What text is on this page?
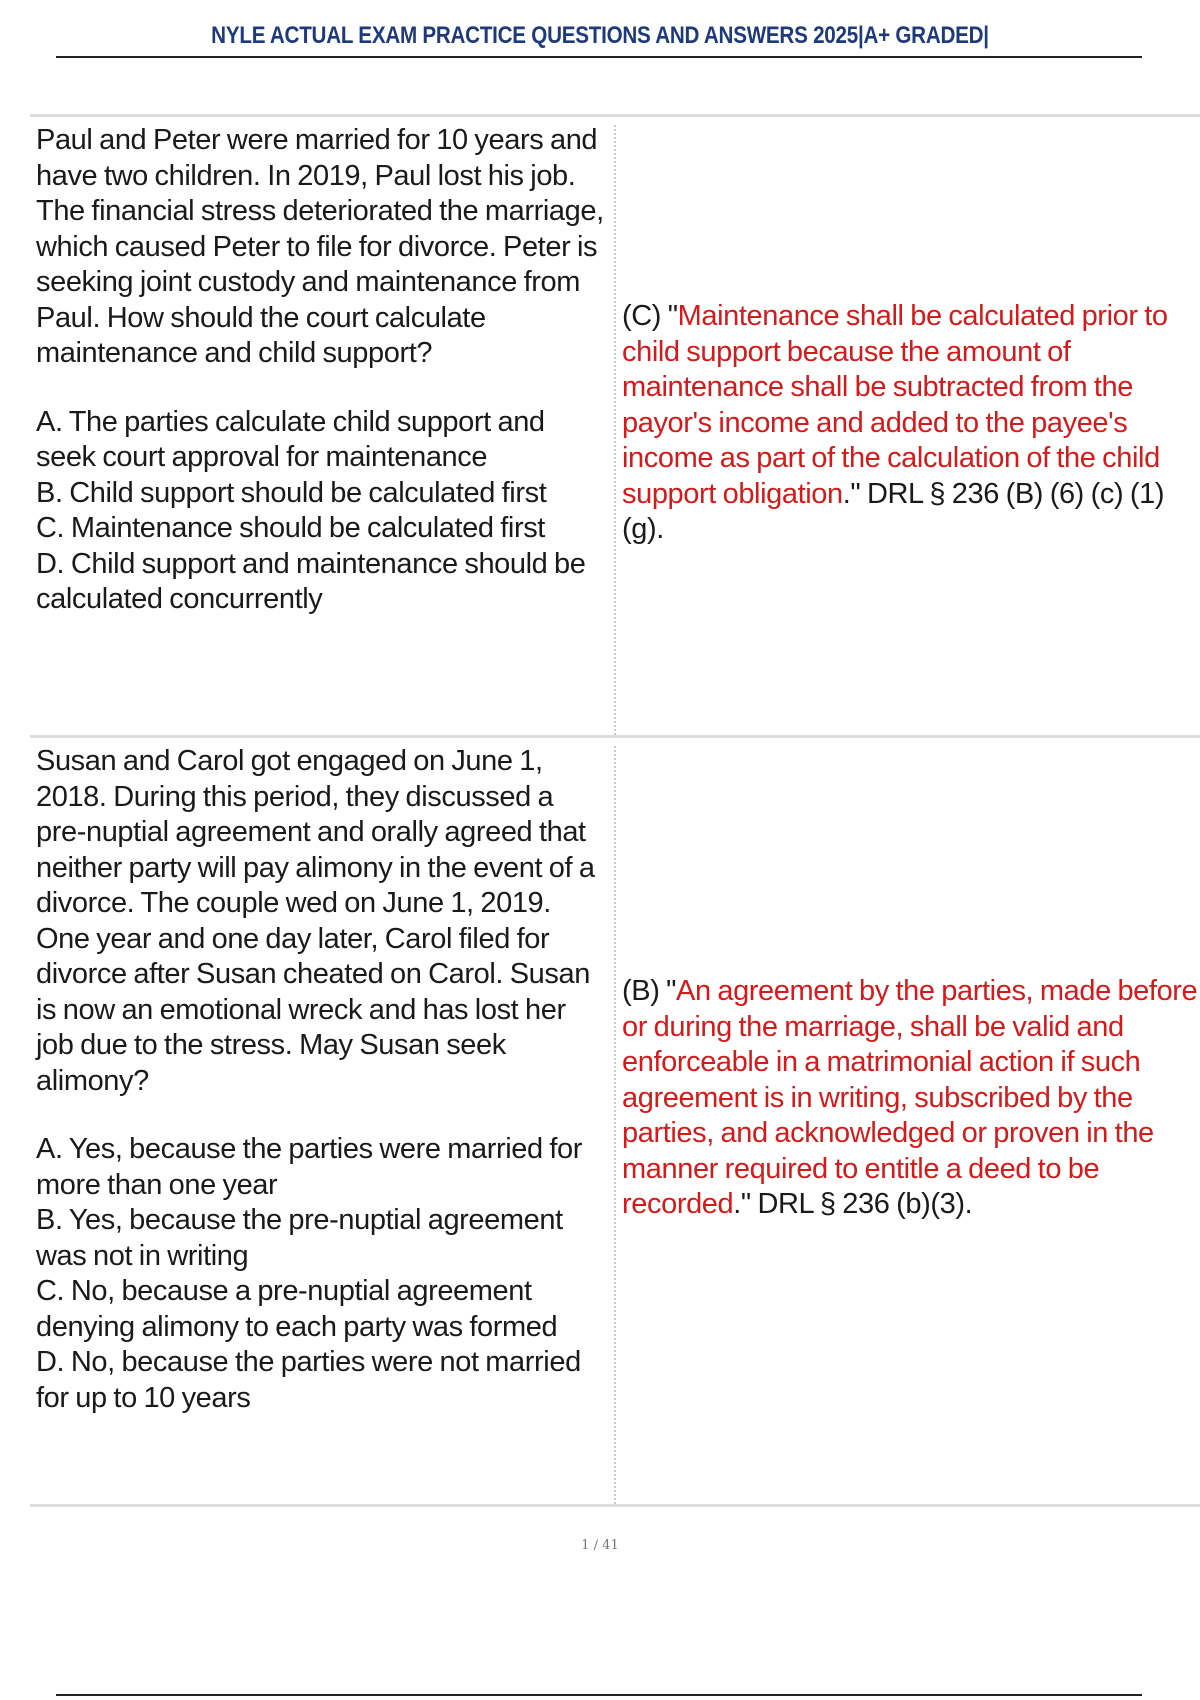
NYLE ACTUAL EXAM PRACTICE QUESTIONS AND ANSWERS 2025|A+ GRADED|

Paul and Peter were married for 10 years and have two children. In 2019, Paul lost his job. The financial stress deteriorated the marriage, which caused Peter to file for divorce. Peter is seeking joint custody and maintenance from Paul. How should the court calculate maintenance and child support?

A. The parties calculate child support and seek court approval for maintenance

B. Child support should be calculated first

C. Maintenance should be calculated first

D. Child support and maintenance should be calculated concurrently

(C) "Maintenance shall be calculated prior to child support because the amount of maintenance shall be subtracted from the payor's income and added to the payee's income as part of the calculation of the child support obligation." DRL § 236 (B) (6) (c) (1) (g).

Susan and Carol got engaged on June 1, 2018. During this period, they discussed a pre-nuptial agreement and orally agreed that neither party will pay alimony in the event of a divorce. The couple wed on June 1, 2019. One year and one day later, Carol filed for divorce after Susan cheated on Carol. Susan is now an emotional wreck and has lost her job due to the stress. May Susan seek alimony?

A. Yes, because the parties were married for more than one year

B. Yes, because the pre-nuptial agreement was not in writing

C. No, because a pre-nuptial agreement denying alimony to each party was formed

D. No, because the parties were not married for up to 10 years

(B) "An agreement by the parties, made before or during the marriage, shall be valid and enforceable in a matrimonial action if such agreement is in writing, subscribed by the parties, and acknowledged or proven in the manner required to entitle a deed to be recorded." DRL § 236 (b)(3).
1 / 41
